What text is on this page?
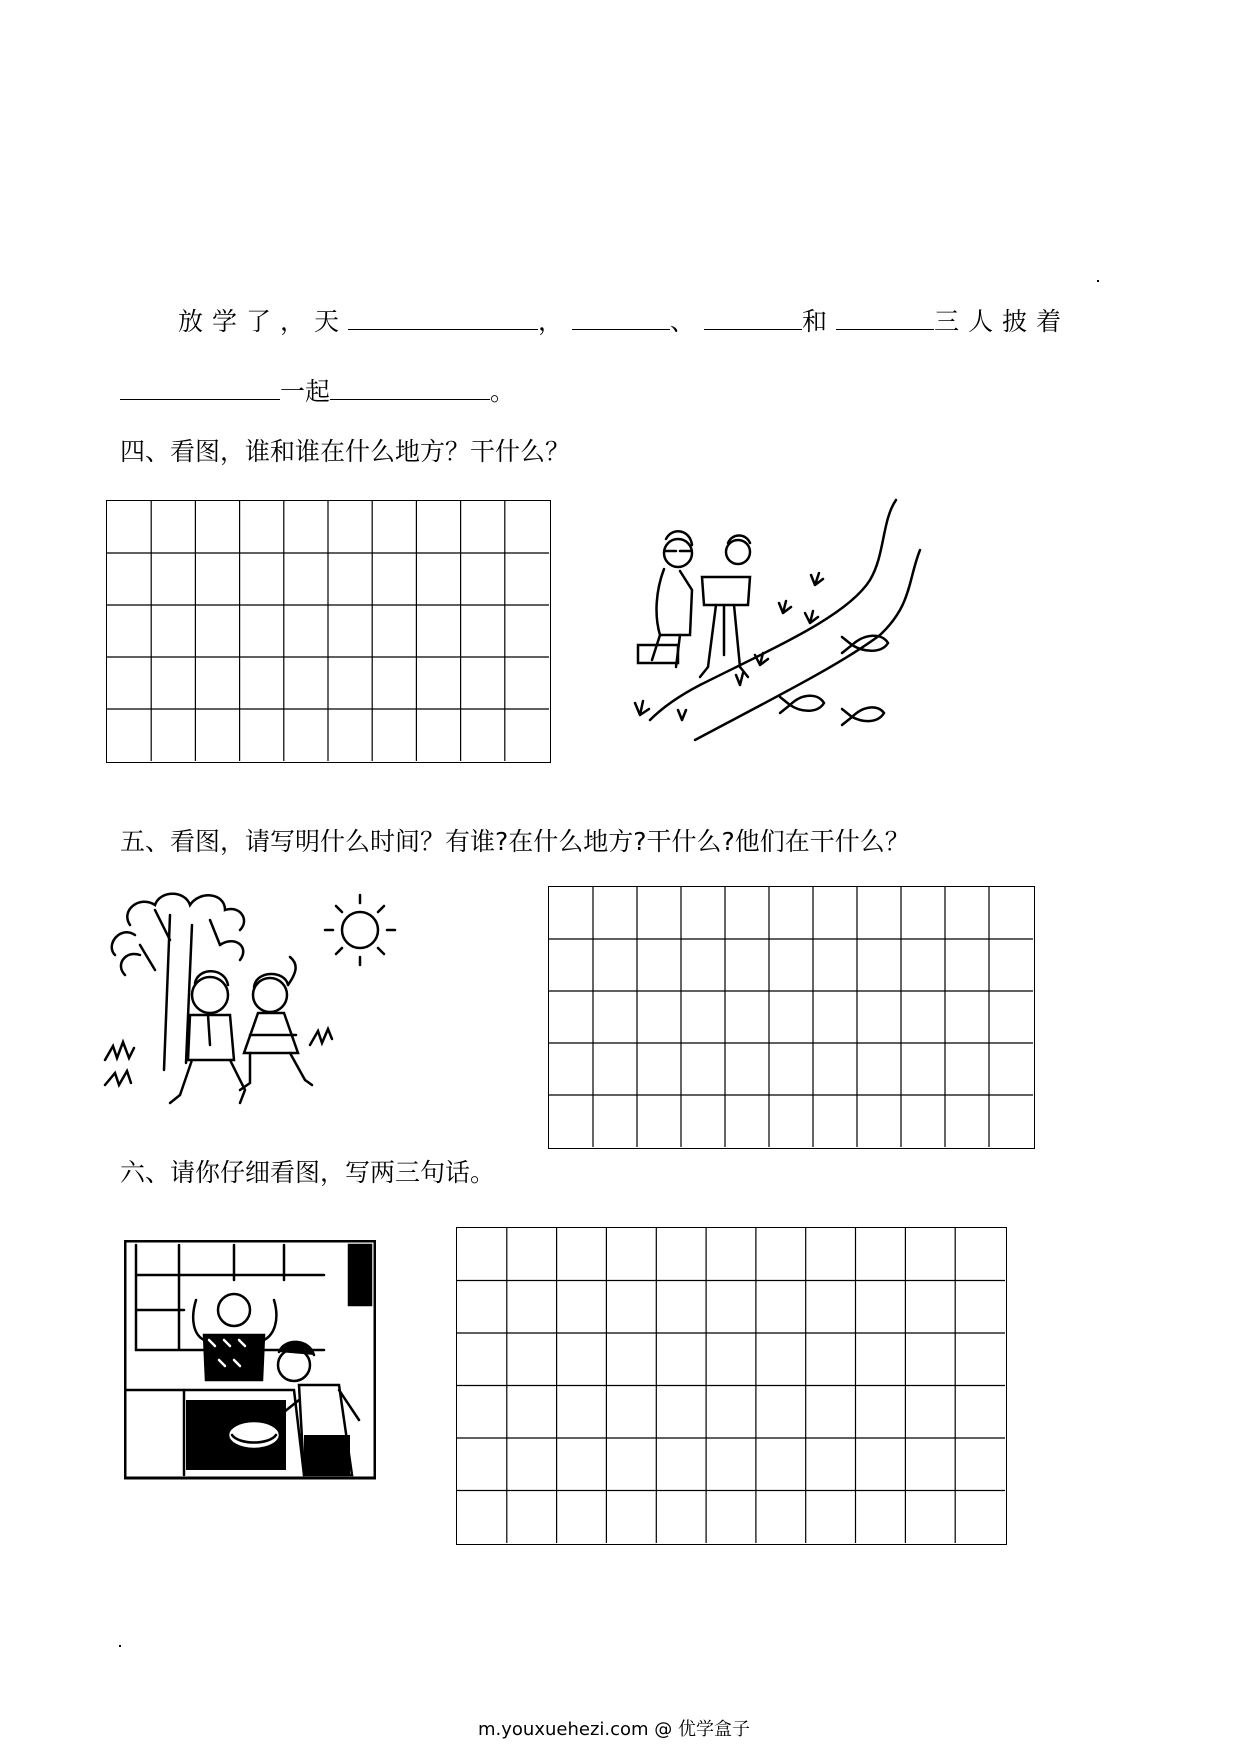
放学了，天	，	、	和	三人披着
一起	。
四、看图，谁和谁在什么地方？干什么？
五、看图，请写明什么时间？有谁?在什么地方?干什么?他们在干什么？
六、请你仔细看图，写两三句话。
m.youxuehezi.com @ 优学盒子
